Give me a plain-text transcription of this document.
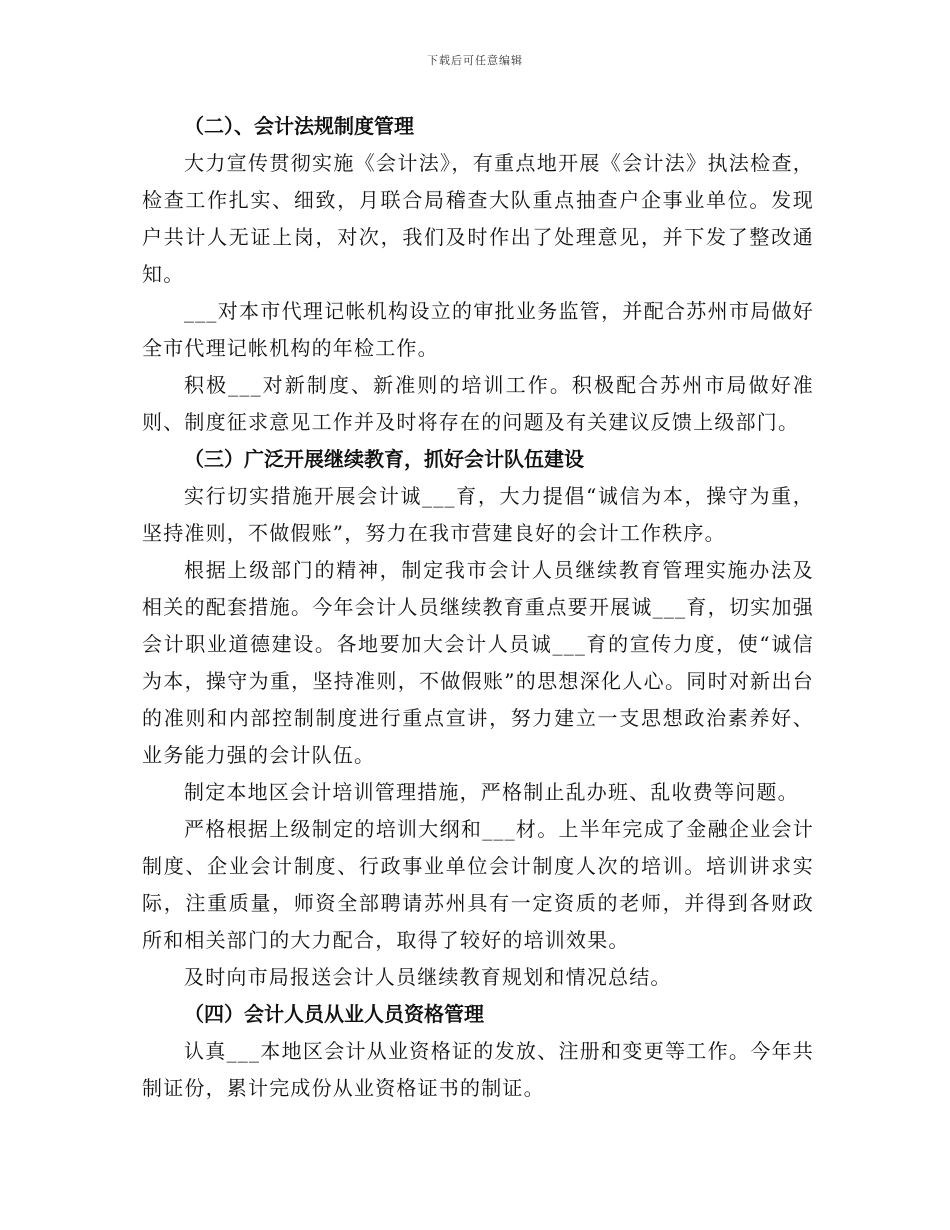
下载后可任意编辑
（二）、会计法规制度管理

大力宣传贯彻实施《会计法》，有重点地开展《会计法》执法检查，检查工作扎实、细致，月联合局稽查大队重点抽查户企事业单位。发现户共计人无证上岗，对次，我们及时作出了处理意见，并下发了整改通知。

___对本市代理记帐机构设立的审批业务监管，并配合苏州市局做好全市代理记帐机构的年检工作。

积极___对新制度、新准则的培训工作。积极配合苏州市局做好准则、制度征求意见工作并及时将存在的问题及有关建议反馈上级部门。

（三）广泛开展继续教育，抓好会计队伍建设

实行切实措施开展会计诚___育，大力提倡“诚信为本，操守为重，坚持准则，不做假账”，努力在我市营建良好的会计工作秩序。

根据上级部门的精神，制定我市会计人员继续教育管理实施办法及相关的配套措施。今年会计人员继续教育重点要开展诚___育，切实加强会计职业道德建设。各地要加大会计人员诚___育的宣传力度，使“诚信为本，操守为重，坚持准则，不做假账”的思想深化人心。同时对新出台的准则和内部控制制度进行重点宣讲，努力建立一支思想政治素养好、业务能力强的会计队伍。

制定本地区会计培训管理措施，严格制止乱办班、乱收费等问题。

严格根据上级制定的培训大纲和___材。上半年完成了金融企业会计制度、企业会计制度、行政事业单位会计制度人次的培训。培训讲求实际，注重质量，师资全部聘请苏州具有一定资质的老师，并得到各财政所和相关部门的大力配合，取得了较好的培训效果。

及时向市局报送会计人员继续教育规划和情况总结。

（四）会计人员从业人员资格管理

认真___本地区会计从业资格证的发放、注册和变更等工作。今年共制证份，累计完成份从业资格证书的制证。
